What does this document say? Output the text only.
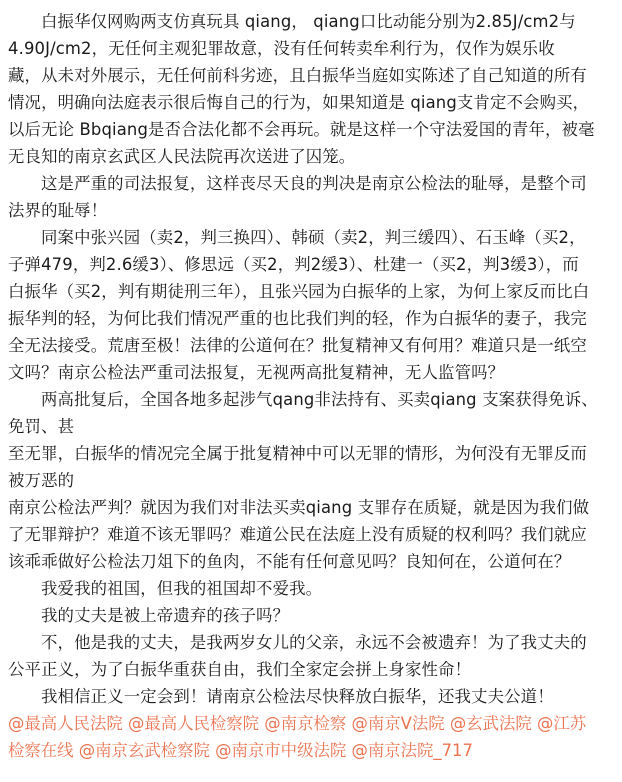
白振华仅网购两支仿真玩具 qiang， qiang口比动能分别为2.85J/cm2与
4.90J/cm2，无任何主观犯罪故意，没有任何转卖牟利行为，仅作为娱乐收
藏，从未对外展示，无任何前科劣迹，且白振华当庭如实陈述了自己知道的所有
情况，明确向法庭表示很后悔自己的行为，如果知道是 qiang支肯定不会购买，
以后无论 Bbqiang是否合法化都不会再玩。就是这样一个守法爱国的青年，被毫
无良知的南京玄武区人民法院再次送进了囚笼。
这是严重的司法报复，这样丧尽天良的判决是南京公检法的耻辱，是整个司
法界的耻辱！
同案中张兴园（卖2，判三换四）、韩硕（卖2，判三缓四）、石玉峰（买2，
子弹479，判2.6缓3）、修思远（买2，判2缓3）、杜建一（买2，判3缓3），而
白振华（买2，判有期徒刑三年），且张兴园为白振华的上家，为何上家反而比白
振华判的轻，为何比我们情况严重的也比我们判的轻，作为白振华的妻子，我完
全无法接受。荒唐至极！法律的公道何在？批复精神又有何用？难道只是一纸空
文吗？南京公检法严重司法报复，无视两高批复精神，无人监管吗？
两高批复后，全国各地多起涉气qang非法持有、买卖qiang 支案获得免诉、
免罚、甚
至无罪，白振华的情况完全属于批复精神中可以无罪的情形，为何没有无罪反而
被万恶的
南京公检法严判？就因为我们对非法买卖qiang 支罪存在质疑，就是因为我们做
了无罪辩护？难道不该无罪吗？难道公民在法庭上没有质疑的权利吗？我们就应
该乖乖做好公检法刀俎下的鱼肉，不能有任何意见吗？良知何在，公道何在？
我爱我的祖国，但我的祖国却不爱我。
我的丈夫是被上帝遗弃的孩子吗？
不，他是我的丈夫，是我两岁女儿的父亲，永远不会被遗弃！为了我丈夫的
公平正义，为了白振华重获自由，我们全家定会拼上身家性命！
我相信正义一定会到！请南京公检法尽快释放白振华，还我丈夫公道！
@最高人民法院 @最高人民检察院 @南京检察 @南京V法院 @玄武法院 @江苏
检察在线 @南京玄武检察院 @南京市中级法院 @南京法院_717
